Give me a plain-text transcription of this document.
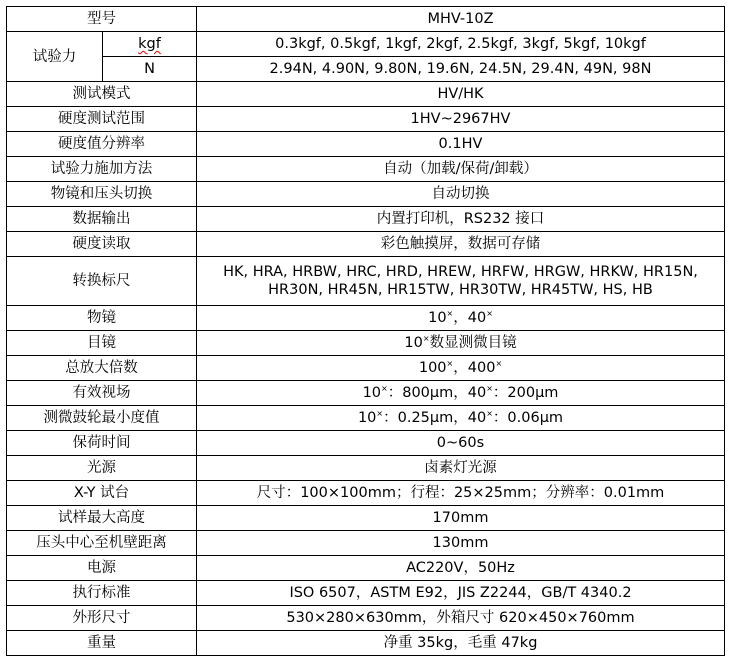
型号		MHV-10Z
试验力	kgf	0.3kgf, 0.5kgf, 1kgf, 2kgf, 2.5kgf, 3kgf, 5kgf, 10kgf
	N	2.94N, 4.90N, 9.80N, 19.6N, 24.5N, 29.4N, 49N, 98N
测试模式		HV/HK
硬度测试范围		1HV~2967HV
硬度值分辨率		0.1HV
试验力施加方法		自动（加载/保荷/卸载）
物镜和压头切换		自动切换
数据输出		内置打印机，RS232 接口
硬度读取		彩色触摸屏，数据可存储
转换标尺		HK, HRA, HRBW, HRC, HRD, HREW, HRFW, HRGW, HRKW, HR15N, HR30N, HR45N, HR15TW, HR30TW, HR45TW, HS, HB
物镜		10×，40×
目镜		10×数显测微目镜
总放大倍数		100×，400×
有效视场		10×：800μm，40×：200μm
测微鼓轮最小度值		10×：0.25μm，40×：0.06μm
保荷时间		0~60s
光源		卤素灯光源
X-Y 试台		尺寸：100×100mm；行程：25×25mm；分辨率：0.01mm
试样最大高度		170mm
压头中心至机壁距离		130mm
电源		AC220V，50Hz
执行标准		ISO 6507，ASTM E92，JIS Z2244，GB/T 4340.2
外形尺寸		530×280×630mm，外箱尺寸 620×450×760mm
重量		净重 35kg，毛重 47kg
